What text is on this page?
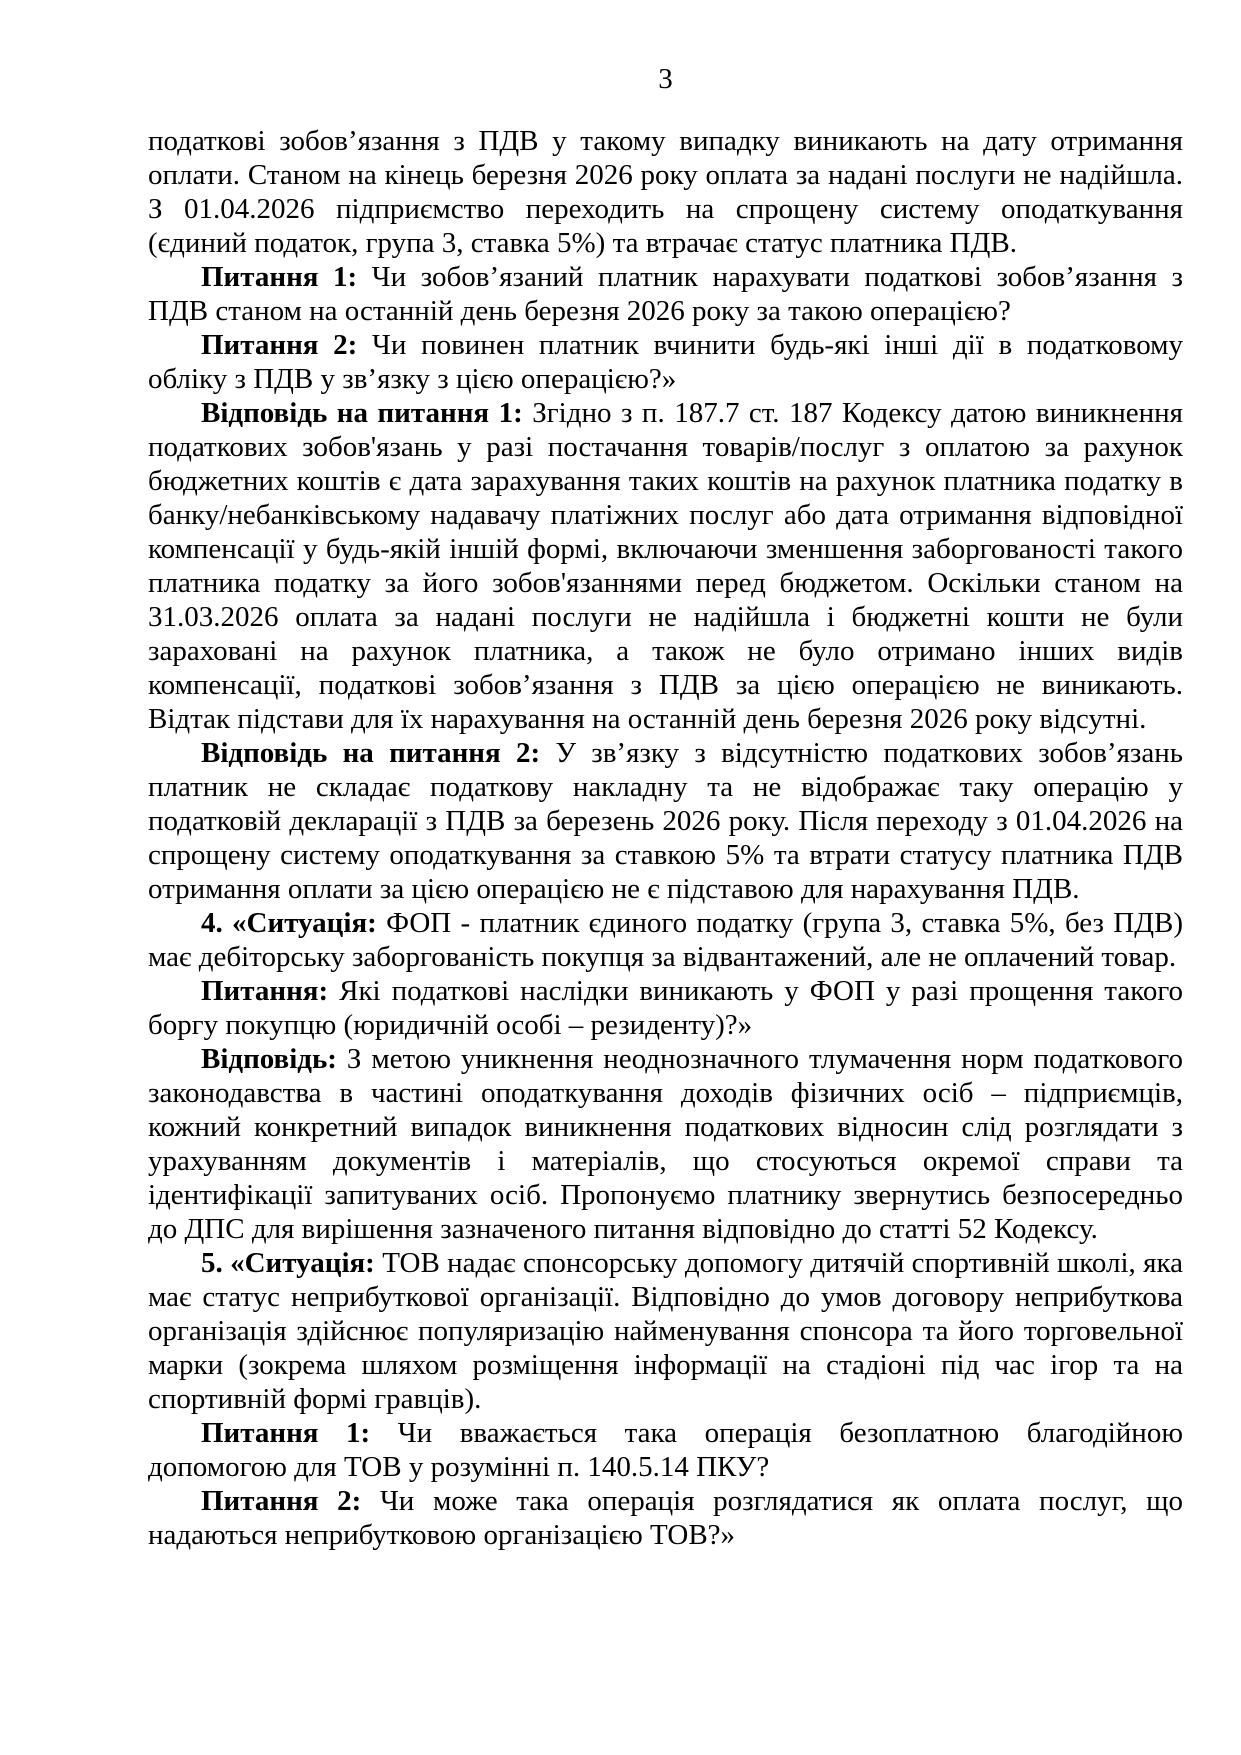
3

податкові зобов’язання з ПДВ у такому випадку виникають на дату отримання оплати. Станом на кінець березня 2026 року оплата за надані послуги не надійшла. З 01.04.2026 підприємство переходить на спрощену систему оподаткування (єдиний податок, група 3, ставка 5%) та втрачає статус платника ПДВ.

Питання 1: Чи зобов’язаний платник нарахувати податкові зобов’язання з ПДВ станом на останній день березня 2026 року за такою операцією?

Питання 2: Чи повинен платник вчинити будь-які інші дії в податковому обліку з ПДВ у зв’язку з цією операцією?»

Відповідь на питання 1: Згідно з п. 187.7 ст. 187 Кодексу датою виникнення податкових зобов'язань у разі постачання товарів/послуг з оплатою за рахунок бюджетних коштів є дата зарахування таких коштів на рахунок платника податку в банку/небанківському надавачу платіжних послуг або дата отримання відповідної компенсації у будь-якій іншій формі, включаючи зменшення заборгованості такого платника податку за його зобов'язаннями перед бюджетом. Оскільки станом на 31.03.2026 оплата за надані послуги не надійшла і бюджетні кошти не були зараховані на рахунок платника, а також не було отримано інших видів компенсації, податкові зобов’язання з ПДВ за цією операцією не виникають. Відтак підстави для їх нарахування на останній день березня 2026 року відсутні.

Відповідь на питання 2: У зв’язку з відсутністю податкових зобов’язань платник не складає податкову накладну та не відображає таку операцію у податковій декларації з ПДВ за березень 2026 року. Після переходу з 01.04.2026 на спрощену систему оподаткування за ставкою 5% та втрати статусу платника ПДВ отримання оплати за цією операцією не є підставою для нарахування ПДВ.

4. «Ситуація: ФОП - платник єдиного податку (група 3, ставка 5%, без ПДВ) має дебіторську заборгованість покупця за відвантажений, але не оплачений товар.

Питання: Які податкові наслідки виникають у ФОП у разі прощення такого боргу покупцю (юридичній особі – резиденту)?»

Відповідь: З метою уникнення неоднозначного тлумачення норм податкового законодавства в частині оподаткування доходів фізичних осіб – підприємців, кожний конкретний випадок виникнення податкових відносин слід розглядати з урахуванням документів і матеріалів, що стосуються окремої справи та ідентифікації запитуваних осіб. Пропонуємо платнику звернутись безпосередньо до ДПС для вирішення зазначеного питання відповідно до статті 52 Кодексу.

5. «Ситуація: ТОВ надає спонсорську допомогу дитячій спортивній школі, яка має статус неприбуткової організації. Відповідно до умов договору неприбуткова організація здійснює популяризацію найменування спонсора та його торговельної марки (зокрема шляхом розміщення інформації на стадіоні під час ігор та на спортивній формі гравців).

Питання 1: Чи вважається така операція безоплатною благодійною допомогою для ТОВ у розумінні п. 140.5.14 ПКУ?

Питання 2: Чи може така операція розглядатися як оплата послуг, що надаються неприбутковою організацією ТОВ?»
